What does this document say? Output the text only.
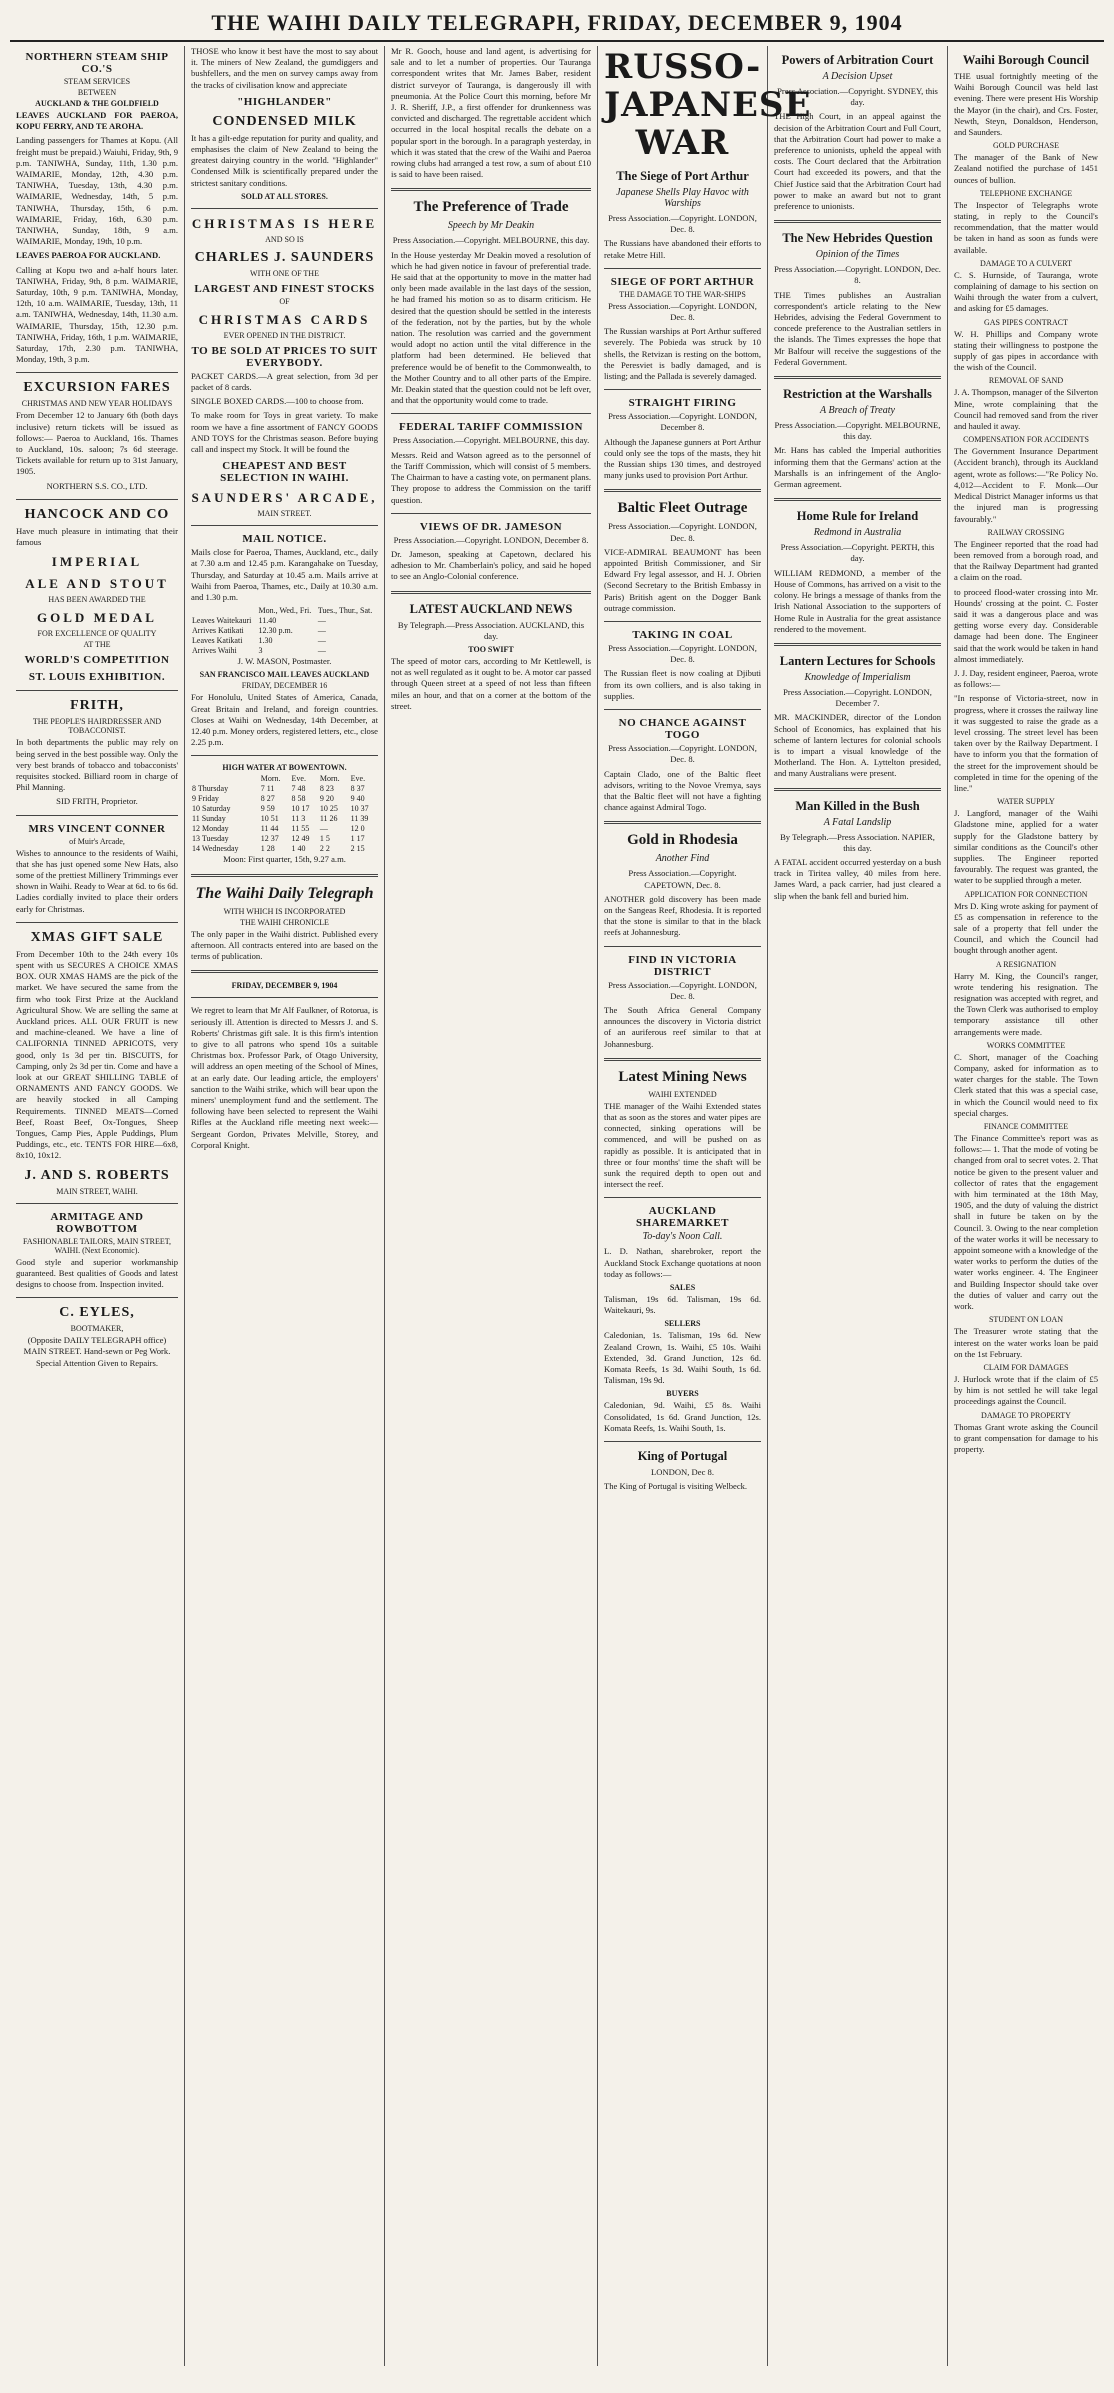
THE WAIHI DAILY TELEGRAPH, FRIDAY, DECEMBER 9, 1904
NORTHERN STEAM SHIP CO.'S
STEAM SERVICES
BETWEEN
AUCKLAND & THE GOLDFIELD

LEAVES AUCKLAND FOR PAEROA, KOPU FERRY, AND TE AROHA.

Landing passengers for Thames at Kopu. (All freight must be prepaid.) Waiuhi, Friday, 9th, 9 p.m. TANIWHA, Sunday, 11th, 1.30 p.m. WAIMARIE, Monday, 12th, 4.30 p.m. TANIWHA, Tuesday, 13th, 4.30 p.m. WAIMARIE, Wednesday, 14th, 5 p.m. TANIWHA, Thursday, 15th, 6 p.m. WAIMARIE, Friday, 16th, 6.30 p.m. TANIWHA, Sunday, 18th, 9 a.m. WAIMARIE, Monday, 19th, 10 p.m.

LEAVES PAEROA FOR AUCKLAND.

Calling at Kopu two and a-half hours later. TANIWHA, Friday, 9th, 8 p.m. WAIMARIE, Saturday, 10th, 9 p.m. TANIWHA, Monday, 12th, 10 a.m. WAIMARIE, Tuesday, 13th, 11 a.m. TANIWHA, Wednesday, 14th, 11.30 a.m. WAIMARIE, Thursday, 15th, 12.30 p.m. TANIWHA, Friday, 16th, 1 p.m. WAIMARIE, Saturday, 17th, 2.30 p.m. TANIWHA, Monday, 19th, 3 p.m.

EXCURSION FARES
CHRISTMAS AND NEW YEAR HOLIDAYS

From December 12 to January 6th (both days inclusive) return tickets will be issued as follows:— Paeroa to Auckland, 16s. Thames to Auckland, 10s. saloon; 7s 6d steerage. Tickets available for return up to 31st January, 1905.

NORTHERN S.S. CO., LTD.

HANCOCK AND CO

Have much pleasure in intimating that their famous

IMPERIAL
ALE AND STOUT
HAS BEEN AWARDED THE
GOLD MEDAL
FOR EXCELLENCE OF QUALITY
AT THE
WORLD'S COMPETITION
ST. LOUIS EXHIBITION.
FRITH,
THE PEOPLE'S HAIRDRESSER AND TOBACCONIST.

In both departments the public may rely on being served in the best possible way. Only the very best brands of tobacco and tobacconists' requisites stocked. Billiard room in charge of Phil Manning.

SID FRITH, Proprietor.

MRS VINCENT CONNER
of Muir's Arcade,

Wishes to announce to the residents of Waihi, that she has just opened some New Hats, also some of the prettiest Millinery Trimmings ever shown in Waihi. Ready to Wear at 6d. to 6s 6d. Ladies cordially invited to place their orders early for Christmas.

XMAS GIFT SALE

From December 10th to the 24th every 10s spent with us SECURES A CHOICE XMAS BOX. OUR XMAS HAMS are the pick of the market. We have secured the same from the firm who took First Prize at the Auckland Agricultural Show. We are selling the same at Auckland prices. ALL OUR FRUIT is new and machine-cleaned. We have a line of CALIFORNIA TINNED APRICOTS, very good, only 1s 3d per tin. BISCUITS, for Camping, only 2s 3d per tin. Come and have a look at our GREAT SHILLING TABLE of ORNAMENTS AND FANCY GOODS. We are heavily stocked in all Camping Requirements. TINNED MEATS—Corned Beef, Roast Beef, Ox-Tongues, Sheep Tongues, Camp Pies, Apple Puddings, Plum Puddings, etc., etc. TENTS FOR HIRE—6x8, 8x10, 10x12.

J. AND S. ROBERTS
MAIN STREET, WAIHI.
ARMITAGE AND ROWBOTTOM
FASHIONABLE TAILORS, MAIN STREET, WAIHI. (Next Economic).

Good style and superior workmanship guaranteed. Best qualities of Goods and latest designs to choose from. Inspection invited.

C. EYLES,
BOOTMAKER,

(Opposite DAILY TELEGRAPH office) MAIN STREET. Hand-sewn or Peg Work. Special Attention Given to Repairs.

THOSE who know it best have the most to say about it. The miners of New Zealand, the gumdiggers and bushfellers, and the men on survey camps away from the tracks of civilisation know and appreciate

"HIGHLANDER"
CONDENSED MILK

It has a gilt-edge reputation for purity and quality, and emphasises the claim of New Zealand to being the greatest dairying country in the world. "Highlander" Condensed Milk is scientifically prepared under the strictest sanitary conditions.

SOLD AT ALL STORES.
CHRISTMAS IS HERE
AND SO IS
CHARLES J. SAUNDERS
WITH ONE OF THE
LARGEST AND FINEST STOCKS
OF
CHRISTMAS CARDS
EVER OPENED IN THE DISTRICT.
TO BE SOLD AT PRICES TO SUIT EVERYBODY.

PACKET CARDS.—A great selection, from 3d per packet of 8 cards.

SINGLE BOXED CARDS.—100 to choose from.

To make room for Toys in great variety. To make room we have a fine assortment of FANCY GOODS AND TOYS for the Christmas season. Before buying call and inspect my Stock. It will be found the

CHEAPEST AND BEST SELECTION IN WAIHI.
SAUNDERS' ARCADE,
MAIN STREET.
MAIL NOTICE.

Mails close for Paeroa, Thames, Auckland, etc., daily at 7.30 a.m and 12.45 p.m. Karangahake on Tuesday, Thursday, and Saturday at 10.45 a.m. Mails arrive at Waihi from Paeroa, Thames, etc., Daily at 10.30 a.m. and 1.30 p.m.

	Mon., Wed., Fri.	Tues., Thur., Sat.
Leaves Waitekauri	11.40	—
Arrives Katikati	12.30 p.m.	—
Leaves Katikati	1.30	—
Arrives Waihi	3	—

J. W. MASON, Postmaster.

SAN FRANCISCO MAIL LEAVES AUCKLAND
FRIDAY, DECEMBER 16

For Honolulu, United States of America, Canada, Great Britain and Ireland, and foreign countries. Closes at Waihi on Wednesday, 14th December, at 12.40 p.m. Money orders, registered letters, etc., close 2.25 p.m.

HIGH WATER AT BOWENTOWN.
	Morn.	Eve.	Morn.	Eve.
8 Thursday	7 11	7 48	8 23	8 37
9 Friday	8 27	8 58	9 20	9 40
10 Saturday	9 59	10 17	10 25	10 37
11 Sunday	10 51	11 3	11 26	11 39
12 Monday	11 44	11 55	—	12 0
13 Tuesday	12 37	12 49	1 5	1 17
14 Wednesday	1 28	1 40	2 2	2 15

Moon: First quarter, 15th, 9.27 a.m.

The Waihi Daily Telegraph
WITH WHICH IS INCORPORATED
THE WAIHI CHRONICLE

The only paper in the Waihi district. Published every afternoon. All contracts entered into are based on the terms of publication.

FRIDAY, DECEMBER 9, 1904

We regret to learn that Mr Alf Faulkner, of Rotorua, is seriously ill. Attention is directed to Messrs J. and S. Roberts' Christmas gift sale. It is this firm's intention to give to all patrons who spend 10s a suitable Christmas box. Professor Park, of Otago University, will address an open meeting of the School of Mines, at an early date. Our leading article, the employers' sanction to the Waihi strike, which will bear upon the miners' unemployment fund and the settlement. The following have been selected to represent the Waihi Rifles at the Auckland rifle meeting next week:—Sergeant Gordon, Privates Melville, Storey, and Corporal Knight.

Mr R. Gooch, house and land agent, is advertising for sale and to let a number of properties. Our Tauranga correspondent writes that Mr. James Baber, resident district surveyor of Tauranga, is dangerously ill with pneumonia. At the Police Court this morning, before Mr J. R. Sheriff, J.P., a first offender for drunkenness was convicted and discharged. The regrettable accident which occurred in the local hospital recalls the debate on a popular sport in the borough. In a paragraph yesterday, in which it was stated that the crew of the Waihi and Paeroa rowing clubs had arranged a test row, a sum of about £10 is said to have been raised.

The Preference of Trade
Speech by Mr Deakin

Press Association.—Copyright. MELBOURNE, this day.

In the House yesterday Mr Deakin moved a resolution of which he had given notice in favour of preferential trade. He said that at the opportunity to move in the matter had only been made available in the last days of the session, he had framed his motion so as to disarm criticism. He desired that the question should be settled in the interests of the federation, not by the parties, but by the whole nation. The resolution was carried and the government would adopt no action until the vital difference in the platform had been determined. He believed that preference would be of benefit to the Commonwealth, to the Mother Country and to all other parts of the Empire. Mr. Deakin stated that the question could not be left over, and that the opportunity would come to trade.

FEDERAL TARIFF COMMISSION

Press Association.—Copyright. MELBOURNE, this day.

Messrs. Reid and Watson agreed as to the personnel of the Tariff Commission, which will consist of 5 members. The Chairman to have a casting vote, on permanent plans. They propose to address the Commission on the tariff question.

VIEWS OF DR. JAMESON

Press Association.—Copyright. LONDON, December 8.

Dr. Jameson, speaking at Capetown, declared his adhesion to Mr. Chamberlain's policy, and said he hoped to see an Anglo-Colonial conference.

LATEST AUCKLAND NEWS

By Telegraph.—Press Association. AUCKLAND, this day.

TOO SWIFT

The speed of motor cars, according to Mr Kettlewell, is not as well regulated as it ought to be. A motor car passed through Queen street at a speed of not less than fifteen miles an hour, and that on a corner at the bottom of the street.

RUSSO-JAPANESE WAR
The Siege of Port Arthur
Japanese Shells Play Havoc with Warships

Press Association.—Copyright. LONDON, Dec. 8.

The Russians have abandoned their efforts to retake Metre Hill.

SIEGE OF PORT ARTHUR
THE DAMAGE TO THE WAR-SHIPS

Press Association.—Copyright. LONDON, Dec. 8.

The Russian warships at Port Arthur suffered severely. The Pobieda was struck by 10 shells, the Retvizan is resting on the bottom, the Peresviet is badly damaged, and is listing; and the Pallada is severely damaged.

STRAIGHT FIRING

Press Association.—Copyright. LONDON, December 8.

Although the Japanese gunners at Port Arthur could only see the tops of the masts, they hit the Russian ships 130 times, and destroyed many junks used to provision Port Arthur.

Baltic Fleet Outrage

Press Association.—Copyright. LONDON, Dec. 8.

VICE-ADMIRAL BEAUMONT has been appointed British Commissioner, and Sir Edward Fry legal assessor, and H. J. Obrien (Second Secretary to the British Embassy in Paris) British agent on the Dogger Bank outrage commission.

TAKING IN COAL

Press Association.—Copyright. LONDON, Dec. 8.

The Russian fleet is now coaling at Djibuti from its own colliers, and is also taking in supplies.

NO CHANCE AGAINST TOGO

Press Association.—Copyright. LONDON, Dec. 8.

Captain Clado, one of the Baltic fleet advisors, writing to the Novoe Vremya, says that the Baltic fleet will not have a fighting chance against Admiral Togo.

Gold in Rhodesia
Another Find

Press Association.—Copyright. CAPETOWN, Dec. 8.

ANOTHER gold discovery has been made on the Sangeas Reef, Rhodesia. It is reported that the stone is similar to that in the black reefs at Johannesburg.

FIND IN VICTORIA DISTRICT

Press Association.—Copyright. LONDON, Dec. 8.

The South Africa General Company announces the discovery in Victoria district of an auriferous reef similar to that at Johannesburg.

Latest Mining News
WAIHI EXTENDED

THE manager of the Waihi Extended states that as soon as the stores and water pipes are connected, sinking operations will be commenced, and will be pushed on as rapidly as possible. It is anticipated that in three or four months' time the shaft will be sunk the required depth to open out and intersect the reef.

AUCKLAND SHAREMARKET
To-day's Noon Call.

L. D. Nathan, sharebroker, report the Auckland Stock Exchange quotations at noon today as follows:—

SALES

Talisman, 19s 6d. Talisman, 19s 6d. Waitekauri, 9s.

SELLERS

Caledonian, 1s. Talisman, 19s 6d. New Zealand Crown, 1s. Waihi, £5 10s. Waihi Extended, 3d. Grand Junction, 12s 6d. Komata Reefs, 1s 3d. Waihi South, 1s 6d. Talisman, 19s 9d.

BUYERS

Caledonian, 9d. Waihi, £5 8s. Waihi Consolidated, 1s 6d. Grand Junction, 12s. Komata Reefs, 1s. Waihi South, 1s.

King of Portugal

LONDON, Dec 8.

The King of Portugal is visiting Welbeck.

Powers of Arbitration Court
A Decision Upset

Press Association.—Copyright. SYDNEY, this day.

THE High Court, in an appeal against the decision of the Arbitration Court and Full Court, that the Arbitration Court had power to make a preference to unionists, upheld the appeal with costs. The Court declared that the Arbitration Court had exceeded its powers, and that the Chief Justice said that the Arbitration Court had power to make an award but not to grant preference to unionists.

The New Hebrides Question
Opinion of the Times

Press Association.—Copyright. LONDON, Dec. 8.

THE Times publishes an Australian correspondent's article relating to the New Hebrides, advising the Federal Government to concede preference to the Australian settlers in the islands. The Times expresses the hope that Mr Balfour will receive the suggestions of the Federal Government.

Restriction at the Warshalls
A Breach of Treaty

Press Association.—Copyright. MELBOURNE, this day.

Mr. Hans has cabled the Imperial authorities informing them that the Germans' action at the Marshalls is an infringement of the Anglo-German agreement.

Home Rule for Ireland
Redmond in Australia

Press Association.—Copyright. PERTH, this day.

WILLIAM REDMOND, a member of the House of Commons, has arrived on a visit to the colony. He brings a message of thanks from the Irish National Association to the supporters of Home Rule in Australia for the great assistance rendered to the movement.

Lantern Lectures for Schools
Knowledge of Imperialism

Press Association.—Copyright. LONDON, December 7.

MR. MACKINDER, director of the London School of Economics, has explained that his scheme of lantern lectures for colonial schools is to impart a visual knowledge of the Motherland. The Hon. A. Lyttelton presided, and many Australians were present.

Man Killed in the Bush
A Fatal Landslip

By Telegraph.—Press Association. NAPIER, this day.

A FATAL accident occurred yesterday on a bush track in Tiritea valley, 40 miles from here. James Ward, a pack carrier, had just cleared a slip when the bank fell and buried him.

Waihi Borough Council

THE usual fortnightly meeting of the Waihi Borough Council was held last evening. There were present His Worship the Mayor (in the chair), and Crs. Foster, Newth, Steyn, Donaldson, Henderson, and Saunders.

GOLD PURCHASE

The manager of the Bank of New Zealand notified the purchase of 1451 ounces of bullion.

TELEPHONE EXCHANGE

The Inspector of Telegraphs wrote stating, in reply to the Council's recommendation, that the matter would be taken in hand as soon as funds were available.

DAMAGE TO A CULVERT

C. S. Hurnside, of Tauranga, wrote complaining of damage to his section on Waihi through the water from a culvert, and asking for £5 damages.

GAS PIPES CONTRACT

W. H. Phillips and Company wrote stating their willingness to postpone the supply of gas pipes in accordance with the wish of the Council.

REMOVAL OF SAND

J. A. Thompson, manager of the Silverton Mine, wrote complaining that the Council had removed sand from the river and hauled it away.

COMPENSATION FOR ACCIDENTS

The Government Insurance Department (Accident branch), through its Auckland agent, wrote as follows:—"Re Policy No. 4,012—Accident to F. Monk—Our Medical District Manager informs us that the injured man is progressing favourably."

RAILWAY CROSSING

The Engineer reported that the road had been removed from a borough road, and that the Railway Department had granted a claim on the road.

to proceed flood-water crossing into Mr. Hounds' crossing at the point. C. Foster said it was a dangerous place and was getting worse every day. Considerable damage had been done. The Engineer said that the work would be taken in hand almost immediately.

J. J. Day, resident engineer, Paeroa, wrote as follows:—

"In response of Victoria-street, now in progress, where it crosses the railway line it was suggested to raise the grade as a level crossing. The street level has been taken over by the Railway Department. I have to inform you that the formation of the street for the improvement should be completed in time for the opening of the line."

WATER SUPPLY

J. Langford, manager of the Waihi Gladstone mine, applied for a water supply for the Gladstone battery by similar conditions as the Council's other supplies. The Engineer reported favourably. The request was granted, the water to be supplied through a meter.

APPLICATION FOR CONNECTION

Mrs D. King wrote asking for payment of £5 as compensation in reference to the sale of a property that fell under the Council, and which the Council had bought through another agent.

A RESIGNATION

Harry M. King, the Council's ranger, wrote tendering his resignation. The resignation was accepted with regret, and the Town Clerk was authorised to employ temporary assistance till other arrangements were made.

WORKS COMMITTEE

C. Short, manager of the Coaching Company, asked for information as to water charges for the stable. The Town Clerk stated that this was a special case, in which the Council would need to fix special charges.

FINANCE COMMITTEE

The Finance Committee's report was as follows:— 1. That the mode of voting be changed from oral to secret votes. 2. That notice be given to the present valuer and collector of rates that the engagement with him terminated at the 18th May, 1905, and the duty of valuing the district shall in future be taken on by the Council. 3. Owing to the near completion of the water works it will be necessary to appoint someone with a knowledge of the water works to perform the duties of the water works engineer. 4. The Engineer and Building Inspector should take over the duties of valuer and carry out the work.

STUDENT ON LOAN

The Treasurer wrote stating that the interest on the water works loan be paid on the 1st February.

CLAIM FOR DAMAGES

J. Hurlock wrote that if the claim of £5 by him is not settled he will take legal proceedings against the Council.

DAMAGE TO PROPERTY

Thomas Grant wrote asking the Council to grant compensation for damage to his property.
